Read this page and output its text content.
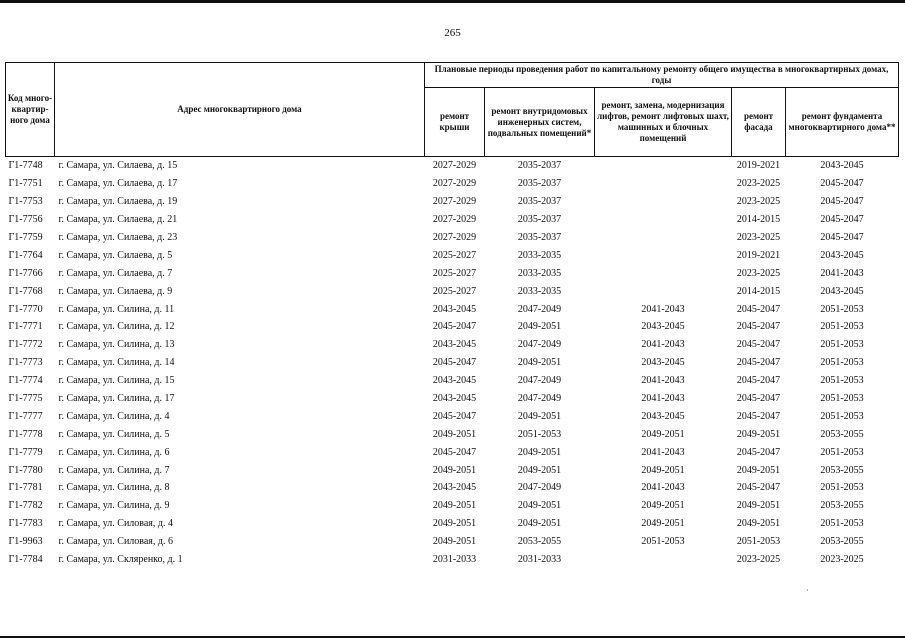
265
Код много-квартир-ного дома	Адрес многоквартирного дома	Плановые периоды проведения работ по капитальному ремонту общего имущества в многоквартирных домах, годы				
		ремонт крыши	ремонт внутридомовых инженерных систем, подвальных помещений*	ремонт, замена, модернизация лифтов, ремонт лифтовых шахт, машинных и блочных помещений	ремонт фасада	ремонт фундамента многоквартирного дома**
Г1-7748	г. Самара, ул. Силаева, д. 15	2027-2029	2035-2037		2019-2021	2043-2045
Г1-7751	г. Самара, ул. Силаева, д. 17	2027-2029	2035-2037		2023-2025	2045-2047
Г1-7753	г. Самара, ул. Силаева, д. 19	2027-2029	2035-2037		2023-2025	2045-2047
Г1-7756	г. Самара, ул. Силаева, д. 21	2027-2029	2035-2037		2014-2015	2045-2047
Г1-7759	г. Самара, ул. Силаева, д. 23	2027-2029	2035-2037		2023-2025	2045-2047
Г1-7764	г. Самара, ул. Силаева, д. 5	2025-2027	2033-2035		2019-2021	2043-2045
Г1-7766	г. Самара, ул. Силаева, д. 7	2025-2027	2033-2035		2023-2025	2041-2043
Г1-7768	г. Самара, ул. Силаева, д. 9	2025-2027	2033-2035		2014-2015	2043-2045
Г1-7770	г. Самара, ул. Силина, д. 11	2043-2045	2047-2049	2041-2043	2045-2047	2051-2053
Г1-7771	г. Самара, ул. Силина, д. 12	2045-2047	2049-2051	2043-2045	2045-2047	2051-2053
Г1-7772	г. Самара, ул. Силина, д. 13	2043-2045	2047-2049	2041-2043	2045-2047	2051-2053
Г1-7773	г. Самара, ул. Силина, д. 14	2045-2047	2049-2051	2043-2045	2045-2047	2051-2053
Г1-7774	г. Самара, ул. Силина, д. 15	2043-2045	2047-2049	2041-2043	2045-2047	2051-2053
Г1-7775	г. Самара, ул. Силина, д. 17	2043-2045	2047-2049	2041-2043	2045-2047	2051-2053
Г1-7777	г. Самара, ул. Силина, д. 4	2045-2047	2049-2051	2043-2045	2045-2047	2051-2053
Г1-7778	г. Самара, ул. Силина, д. 5	2049-2051	2051-2053	2049-2051	2049-2051	2053-2055
Г1-7779	г. Самара, ул. Силина, д. 6	2045-2047	2049-2051	2041-2043	2045-2047	2051-2053
Г1-7780	г. Самара, ул. Силина, д. 7	2049-2051	2049-2051	2049-2051	2049-2051	2053-2055
Г1-7781	г. Самара, ул. Силина, д. 8	2043-2045	2047-2049	2041-2043	2045-2047	2051-2053
Г1-7782	г. Самара, ул. Силина, д. 9	2049-2051	2049-2051	2049-2051	2049-2051	2053-2055
Г1-7783	г. Самара, ул. Силовая, д. 4	2049-2051	2049-2051	2049-2051	2049-2051	2051-2053
Г1-9963	г. Самара, ул. Силовая, д. 6	2049-2051	2053-2055	2051-2053	2051-2053	2053-2055
Г1-7784	г. Самара, ул. Скляренко, д. 1	2031-2033	2031-2033		2023-2025	2023-2025
·
